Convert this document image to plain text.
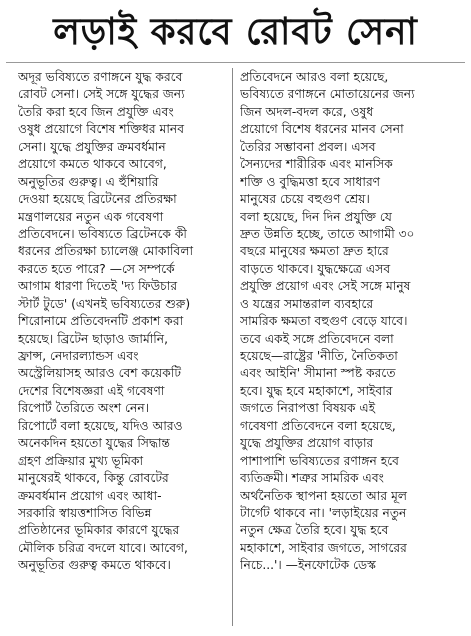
লড়াই করবে রোবট সেনা
অদূর ভবিষ্যতে রণাঙ্গনে যুদ্ধ করবে
রোবট সেনা। সেই সঙ্গে যুদ্ধের জন্য
তৈরি করা হবে জিন প্রযুক্তি এবং
ওষুধ প্রয়োগে বিশেষ শক্তিধর মানব
সেনা। যুদ্ধে প্রযুক্তির ক্রমবর্ধমান
প্রয়োগে কমতে থাকবে আবেগ,
অনুভূতির গুরুত্ব। এ হুঁশিয়ারি
দেওয়া হয়েছে ব্রিটেনের প্রতিরক্ষা
মন্ত্রণালয়ের নতুন এক গবেষণা
প্রতিবেদনে। ভবিষ্যতে ব্রিটেনকে কী
ধরনের প্রতিরক্ষা চ্যালেঞ্জ মোকাবিলা
করতে হতে পারে? —সে সম্পর্কে
আগাম ধারণা দিতেই 'দ্য ফিউচার
স্টার্ট টুডে' (এখনই ভবিষ্যতের শুরু)
শিরোনামে প্রতিবেদনটি প্রকাশ করা
হয়েছে। ব্রিটেন ছাড়াও জার্মানি,
ফ্রান্স, নেদারল্যান্ডস এবং
অস্ট্রেলিয়াসহ আরও বেশ কয়েকটি
দেশের বিশেষজ্ঞরা এই গবেষণা
রিপোর্ট তৈরিতে অংশ নেন।
রিপোর্টে বলা হয়েছে, যদিও আরও
অনেকদিন হয়তো যুদ্ধের সিদ্ধান্ত
গ্রহণ প্রক্রিয়ার মুখ্য ভূমিকা
মানুষেরই থাকবে, কিন্তু রোবটের
ক্রমবর্ধমান প্রয়োগ এবং আধা-
সরকারি স্বায়ত্তশাসিত বিভিন্ন
প্রতিষ্ঠানের ভূমিকার কারণে যুদ্ধের
মৌলিক চরিত্র বদলে যাবে। আবেগ,
অনুভূতির গুরুত্ব কমতে থাকবে।
প্রতিবেদনে আরও বলা হয়েছে,
ভবিষ্যতে রণাঙ্গনে মোতায়েনের জন্য
জিন অদল-বদল করে, ওষুধ
প্রয়োগে বিশেষ ধরনের মানব সেনা
তৈরির সম্ভাবনা প্রবল। এসব
সৈন্যদের শারীরিক এবং মানসিক
শক্তি ও বুদ্ধিমত্তা হবে সাধারণ
মানুষের চেয়ে বহুগুণ শ্রেয়।
বলা হয়েছে, দিন দিন প্রযুক্তি যে
দ্রুত উন্নতি হচ্ছে, তাতে আগামী ৩০
বছরে মানুষের ক্ষমতা দ্রুত হারে
বাড়তে থাকবে। যুদ্ধক্ষেত্রে এসব
প্রযুক্তি প্রয়োগ এবং সেই সঙ্গে মানুষ
ও যন্ত্রের সমান্তরাল ব্যবহারে
সামরিক ক্ষমতা বহুগুণ বেড়ে যাবে।
তবে একই সঙ্গে প্রতিবেদনে বলা
হয়েছে—রাষ্ট্রের 'নীতি, নৈতিকতা
এবং আইনি' সীমানা স্পষ্ট করতে
হবে। যুদ্ধ হবে মহাকাশে, সাইবার
জগতে নিরাপত্তা বিষয়ক এই
গবেষণা প্রতিবেদনে বলা হয়েছে,
যুদ্ধে প্রযুক্তির প্রয়োগ বাড়ার
পাশাপাশি ভবিষ্যতের রণাঙ্গন হবে
ব্যতিক্রমী। শত্রুর সামরিক এবং
অর্থনৈতিক স্থাপনা হয়তো আর মূল
টার্গেট থাকবে না। 'লড়াইয়ের নতুন
নতুন ক্ষেত্র তৈরি হবে। যুদ্ধ হবে
মহাকাশে, সাইবার জগতে, সাগরের
নিচে...'। —ইনফোটেক ডেস্ক
